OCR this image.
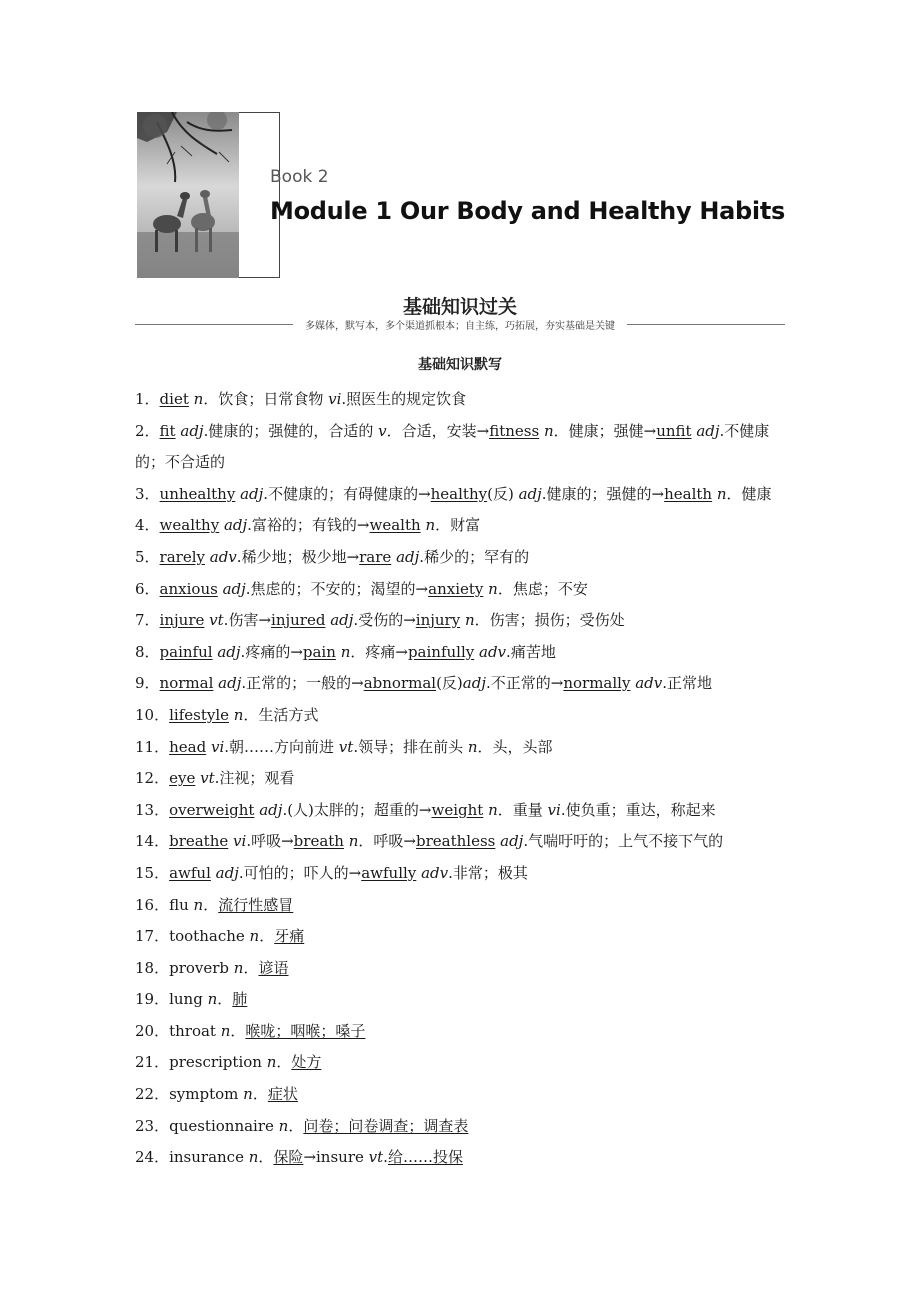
Book 2
Module 1 Our Body and Healthy Habits
基础知识过关
多媒体，默写本，多个渠道抓根本；自主练，巧拓展，夯实基础是关键
基础知识默写
1．diet n．饮食；日常食物 vi.照医生的规定饮食
2．fit adj.健康的；强健的，合适的 v．合适，安装→fitness n．健康；强健→unfit adj.不健康的；不合适的
3．unhealthy adj.不健康的；有碍健康的→healthy(反) adj.健康的；强健的→health n．健康
4．wealthy adj.富裕的；有钱的→wealth n．财富
5．rarely adv.稀少地；极少地→rare adj.稀少的；罕有的
6．anxious adj.焦虑的；不安的；渴望的→anxiety n．焦虑；不安
7．injure vt.伤害→injured adj.受伤的→injury n．伤害；损伤；受伤处
8．painful adj.疼痛的→pain n．疼痛→painfully adv.痛苦地
9．normal adj.正常的；一般的→abnormal(反)adj.不正常的→normally adv.正常地
10．lifestyle n．生活方式
11．head vi.朝……方向前进 vt.领导；排在前头 n．头，头部
12．eye vt.注视；观看
13．overweight adj.(人)太胖的；超重的→weight n．重量 vi.使负重；重达，称起来
14．breathe vi.呼吸→breath n．呼吸→breathless adj.气喘吁吁的；上气不接下气的
15．awful adj.可怕的；吓人的→awfully adv.非常；极其
16．flu n．流行性感冒
17．toothache n．牙痛
18．proverb n．谚语
19．lung n．肺
20．throat n．喉咙；咽喉；嗓子
21．prescription n．处方
22．symptom n．症状
23．questionnaire n．问卷；问卷调查；调查表
24．insurance n．保险→insure vt.给……投保
